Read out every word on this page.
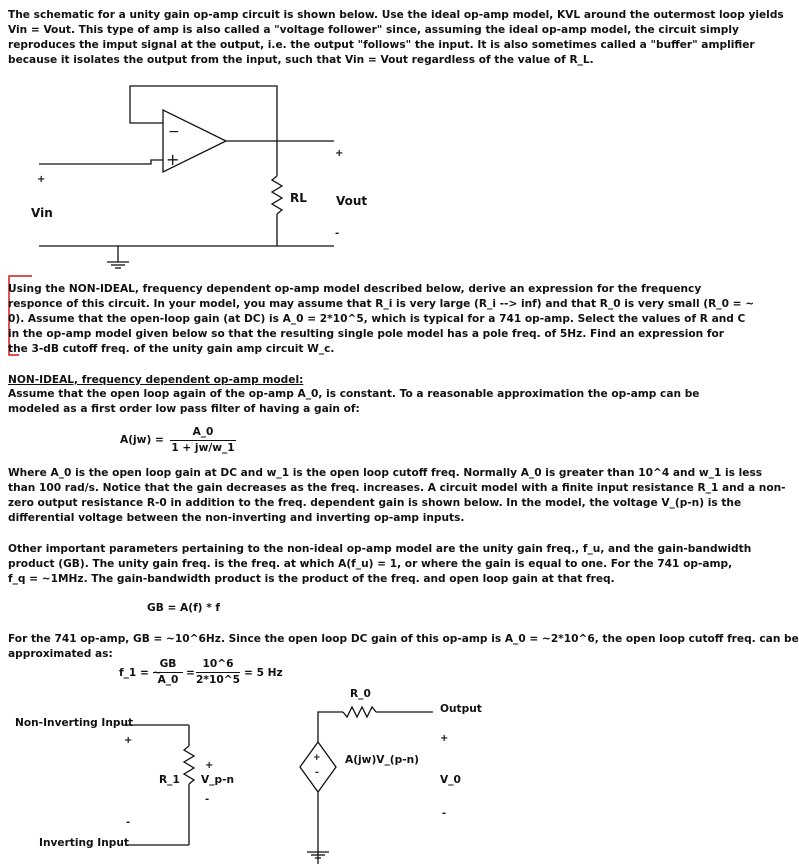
The schematic for a unity gain op-amp circuit is shown below. Use the ideal op-amp model, KVL around the outermost loop yields
Vin = Vout. This type of amp is also called a "voltage follower" since, assuming the ideal op-amp model, the circuit simply
reproduces the imput signal at the output, i.e. the output "follows" the input. It is also sometimes called a "buffer" amplifier
because it isolates the output from the input, such that Vin = Vout regardless of the value of R_L.
−
+
+
Vin
+
RL Vout
-
Using the NON-IDEAL, frequency dependent op-amp model described below, derive an expression for the frequency
responce of this circuit. In your model, you may assume that R_i is very large (R_i --> inf) and that R_0 is very small (R_0 = ~
0). Assume that the open-loop gain (at DC) is A_0 = 2*10^5, which is typical for a 741 op-amp. Select the values of R and C
in the op-amp model given below so that the resulting single pole model has a pole freq. of 5Hz. Find an expression for
the 3-dB cutoff freq. of the unity gain amp circuit W_c.
NON-IDEAL, frequency dependent op-amp model:
Assume that the open loop again of the op-amp A_0, is constant. To a reasonable approximation the op-amp can be
modeled as a first order low pass filter of having a gain of:
A(jw) =
A_0
1 + jw/w_1
Where A_0 is the open loop gain at DC and w_1 is the open loop cutoff freq. Normally A_0 is greater than 10^4 and w_1 is less
than 100 rad/s. Notice that the gain decreases as the freq. increases. A circuit model with a finite input resistance R_1 and a non-
zero output resistance R-0 in addition to the freq. dependent gain is shown below. In the model, the voltage V_(p-n) is the
differential voltage between the non-inverting and inverting op-amp inputs.
Other important parameters pertaining to the non-ideal op-amp model are the unity gain freq., f_u, and the gain-bandwidth
product (GB). The unity gain freq. is the freq. at which A(f_u) = 1, or where the gain is equal to one. For the 741 op-amp,
f_q = ~1MHz. The gain-bandwidth product is the product of the freq. and open loop gain at that freq.
GB = A(f) * f
For the 741 op-amp, GB = ~10^6Hz. Since the open loop DC gain of this op-amp is A_0 = ~2*10^6, the open loop cutoff freq. can be
approximated as:
f_1 = ~
GB
A_0
=
10^6
2*10^5
= 5 Hz
Non-Inverting Input
Inverting Input
+
-
R_1
+
V_p-n
-
R_0
Output
A(jw)V_(p-n)
+
-
+
V_0
-
